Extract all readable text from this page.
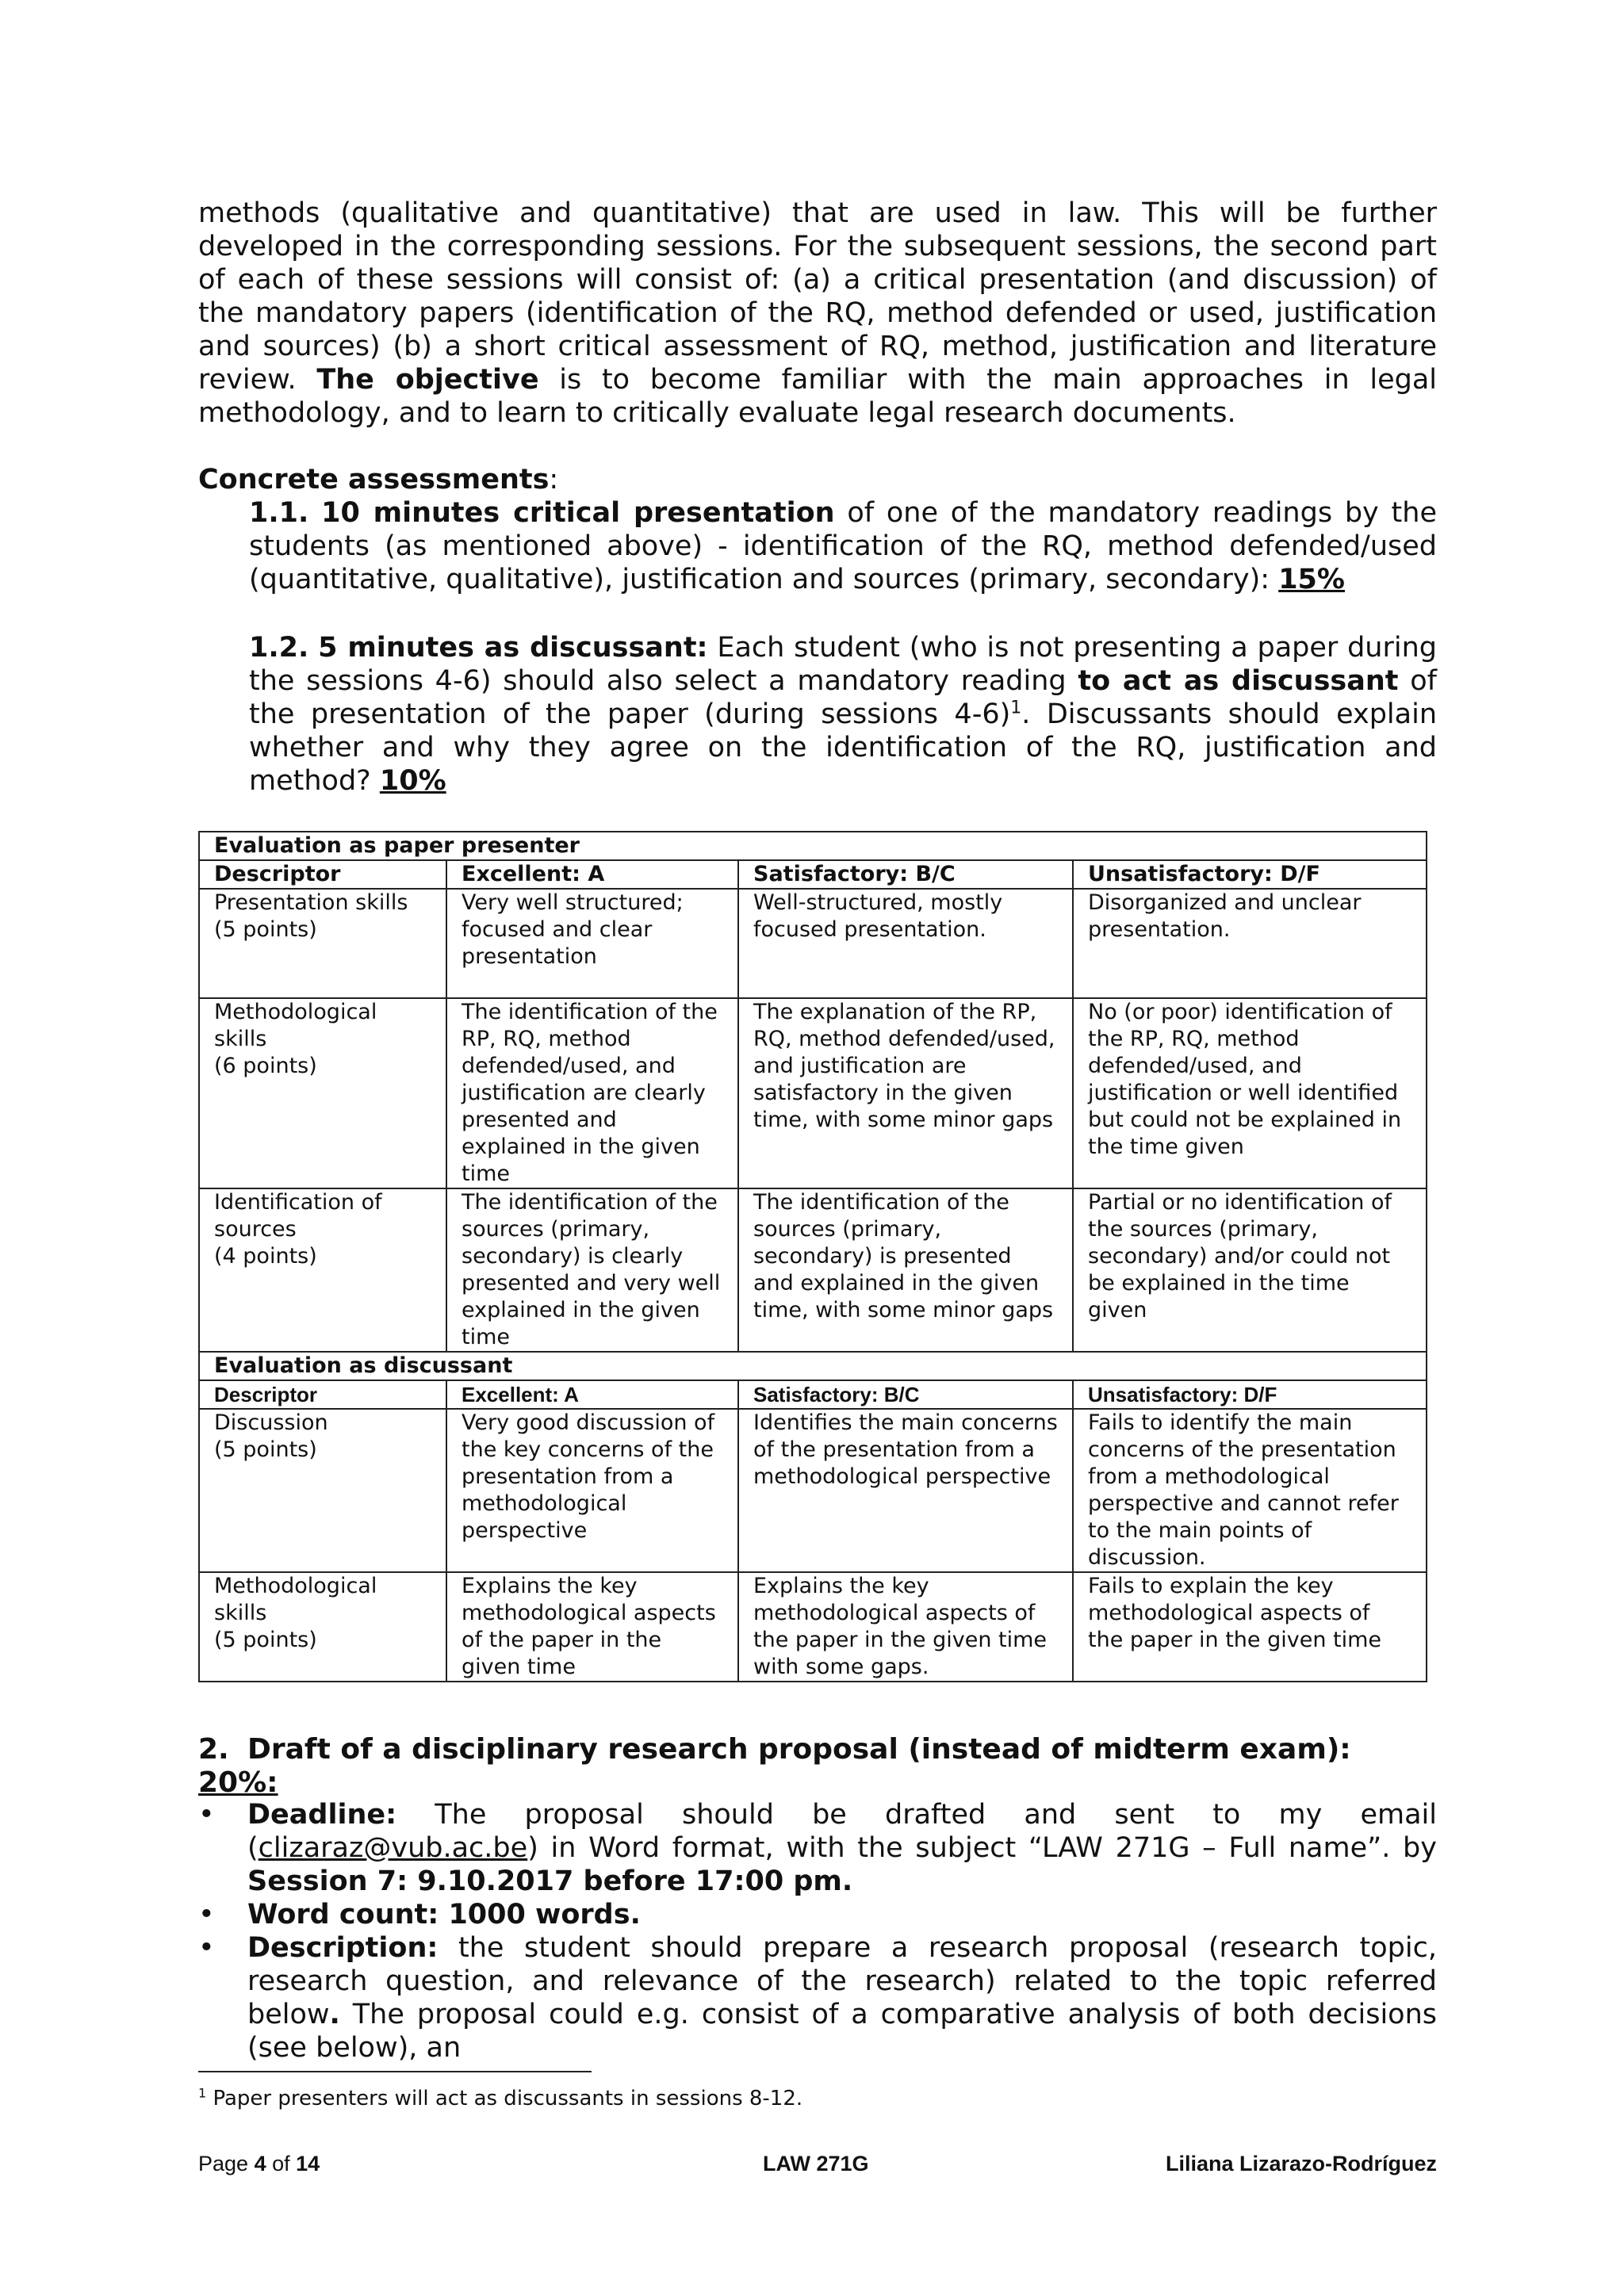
methods (qualitative and quantitative) that are used in law. This will be further developed in the corresponding sessions. For the subsequent sessions, the second part of each of these sessions will consist of: (a) a critical presentation (and discussion) of the mandatory papers (identification of the RQ, method defended or used, justification and sources) (b) a short critical assessment of RQ, method, justification and literature review. The objective is to become familiar with the main approaches in legal methodology, and to learn to critically evaluate legal research documents.

Concrete assessments:
1.1. 10 minutes critical presentation of one of the mandatory readings by the students (as mentioned above) - identification of the RQ, method defended/used (quantitative, qualitative), justification and sources (primary, secondary): 15%
1.2. 5 minutes as discussant: Each student (who is not presenting a paper during the sessions 4-6) should also select a mandatory reading to act as discussant of the presentation of the paper (during sessions 4-6)$^1$. Discussants should explain whether and why they agree on the identification of the RQ, justification and method? 10%
Evaluation as paper presenter			
Descriptor	Excellent: A	Satisfactory: B/C	Unsatisfactory: D/F
Presentation skills
(5 points)	Very well structured; focused and clear presentation	Well-structured, mostly focused presentation.	Disorganized and unclear presentation.
Methodological skills
(6 points)	The identification of the RP, RQ, method defended/used, and justification are clearly presented and explained in the given time	The explanation of the RP, RQ, method defended/used, and justification are satisfactory in the given time, with some minor gaps	No (or poor) identification of the RP, RQ, method defended/used, and justification or well identified but could not be explained in the time given
Identification of sources
(4 points)	The identification of the sources (primary, secondary) is clearly presented and very well explained in the given time	The identification of the sources (primary, secondary) is presented and explained in the given time, with some minor gaps	Partial or no identification of the sources (primary, secondary) and/or could not be explained in the time given
Evaluation as discussant			
Descriptor	Excellent: A	Satisfactory: B/C	Unsatisfactory: D/F
Discussion
(5 points)	Very good discussion of the key concerns of the presentation from a methodological perspective	Identifies the main concerns of the presentation from a methodological perspective	Fails to identify the main concerns of the presentation from a methodological perspective and cannot refer to the main points of discussion.
Methodological skills
(5 points)	Explains the key methodological aspects of the paper in the given time	Explains the key methodological aspects of the paper in the given time with some gaps.	Fails to explain the key methodological aspects of the paper in the given time
2. Draft of a disciplinary research proposal (instead of midterm exam): 20%:
• Deadline: The proposal should be drafted and sent to my email (clizaraz@vub.ac.be) in Word format, with the subject “LAW 271G – Full name”. by Session 7: 9.10.2017 before 17:00 pm.
• Word count: 1000 words.
• Description: the student should prepare a research proposal (research topic, research question, and relevance of the research) related to the topic referred below. The proposal could e.g. consist of a comparative analysis of both decisions (see below), an
$^1$ Paper presenters will act as discussants in sessions 8-12.
Page 4 of 14	LAW 271G	Liliana Lizarazo-Rodríguez
